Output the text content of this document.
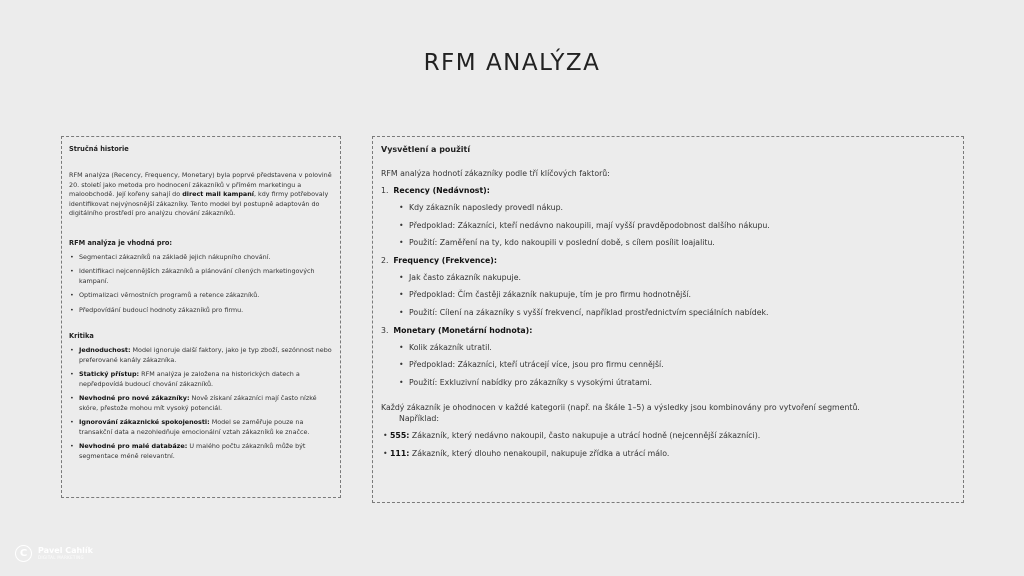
RFM ANALÝZA
Stručná historie

RFM analýza (Recency, Frequency, Monetary) byla poprvé představena v polovině 20. století jako metoda pro hodnocení zákazníků v přímém marketingu a maloobchodě. Její kořeny sahají do direct mail kampaní, kdy firmy potřebovaly identifikovat nejvýnosnější zákazníky. Tento model byl postupně adaptován do digitálního prostředí pro analýzu chování zákazníků.

RFM analýza je vhodná pro:
• Segmentaci zákazníků na základě jejich nákupního chování.
• Identifikaci nejcennějších zákazníků a plánování cílených marketingových kampaní.
• Optimalizaci věrnostních programů a retence zákazníků.
• Předpovídání budoucí hodnoty zákazníků pro firmu.
Kritika
• Jednoduchost: Model ignoruje další faktory, jako je typ zboží, sezónnost nebo preferované kanály zákazníka.
• Statický přístup: RFM analýza je založena na historických datech a nepředpovídá budoucí chování zákazníků.
• Nevhodné pro nové zákazníky: Nově získaní zákazníci mají často nízké skóre, přestože mohou mít vysoký potenciál.
• Ignorování zákaznické spokojenosti: Model se zaměřuje pouze na transakční data a nezohledňuje emocionální vztah zákazníků ke značce.
• Nevhodné pro malé databáze: U malého počtu zákazníků může být segmentace méně relevantní.
Vysvětlení a použití

RFM analýza hodnotí zákazníky podle tří klíčových faktorů:

1. Recency (Nedávnost):
• Kdy zákazník naposledy provedl nákup.
• Předpoklad: Zákazníci, kteří nedávno nakoupili, mají vyšší pravděpodobnost dalšího nákupu.
• Použití: Zaměření na ty, kdo nakoupili v poslední době, s cílem posílit loajalitu.
2. Frequency (Frekvence):
• Jak často zákazník nakupuje.
• Předpoklad: Čím častěji zákazník nakupuje, tím je pro firmu hodnotnější.
• Použití: Cílení na zákazníky s vyšší frekvencí, například prostřednictvím speciálních nabídek.
3. Monetary (Monetární hodnota):
• Kolik zákazník utratil.
• Předpoklad: Zákazníci, kteří utrácejí více, jsou pro firmu cennější.
• Použití: Exkluzivní nabídky pro zákazníky s vysokými útratami.

Každý zákazník je ohodnocen v každé kategorii (např. na škále 1–5) a výsledky jsou kombinovány pro vytvoření segmentů.

Například:

• 555: Zákazník, který nedávno nakoupil, často nakupuje a utrácí hodně (nejcennější zákazníci).
• 111: Zákazník, který dlouho nenakoupil, nakupuje zřídka a utrácí málo.
C	Pavel Cahlík
DIGITAL MARKETING
